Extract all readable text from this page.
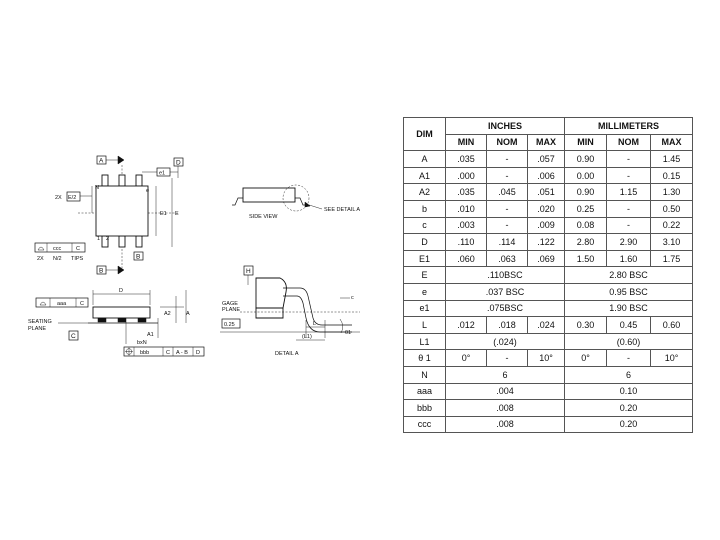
A	D
e1
e
N
2X E/2
E1 E
1 2
B
B
ccc	C
2X N/2 TIPS
SIDE VIEW
SEE DETAIL A
aaa	C
D
SEATING
PLANE
C
A2	A
A1
bxN
bbb	C A - B D
H
GAGE
PLANE
0.25	L
(L1)
c
θ1
DETAIL A
DIM	INCHES			MILLIMETERS		
	MIN	NOM	MAX	MIN	NOM	MAX
A	.035	-	.057	0.90	-	1.45
A1	.000	-	.006	0.00	-	0.15
A2	.035	.045	.051	0.90	1.15	1.30
b	.010	-	.020	0.25	-	0.50
c	.003	-	.009	0.08	-	0.22
D	.110	.114	.122	2.80	2.90	3.10
E1	.060	.063	.069	1.50	1.60	1.75
E	.110BSC			2.80 BSC		
e	.037 BSC			0.95 BSC		
e1	.075BSC			1.90 BSC		
L	.012	.018	.024	0.30	0.45	0.60
L1	(.024)			(0.60)		
θ 1	0°	-	10°	0°	-	10°
N	6			6		
aaa	.004			0.10		
bbb	.008			0.20		
ccc	.008			0.20		
